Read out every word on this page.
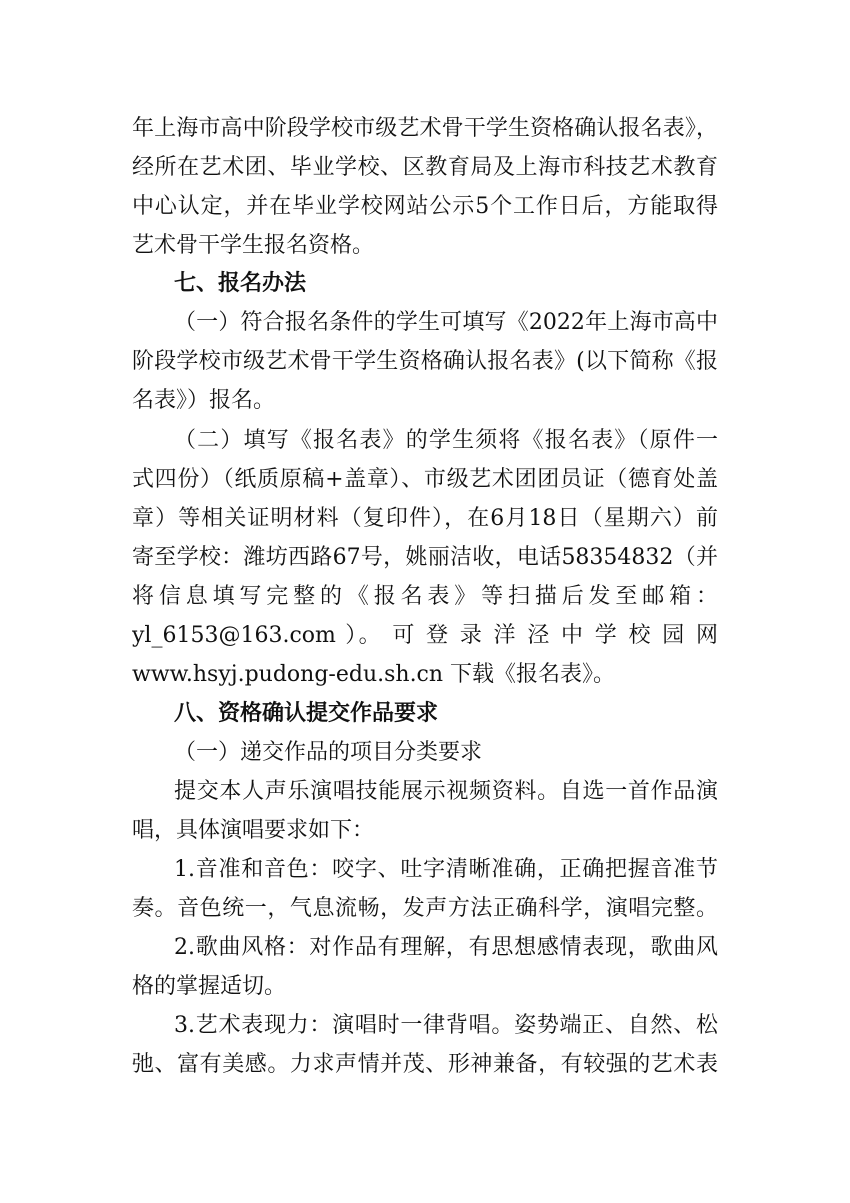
年上海市高中阶段学校市级艺术骨干学生资格确认报名表》，
经所在艺术团、毕业学校、区教育局及上海市科技艺术教育
中心认定，并在毕业学校网站公示5个工作日后，方能取得
艺术骨干学生报名资格。
七、报名办法
（一）符合报名条件的学生可填写《2022年上海市高中
阶段学校市级艺术骨干学生资格确认报名表》(以下简称《报
名表》）报名。
（二）填写《报名表》的学生须将《报名表》（原件一
式四份）（纸质原稿+盖章）、市级艺术团团员证（德育处盖
章）等相关证明材料（复印件），在6月18日（星期六）前
寄至学校：潍坊西路67号，姚丽洁收，电话58354832（并
将信息填写完整的《报名表》等扫描后发至邮箱：
yl_6153@163.com ）。 可 登 录 洋 泾 中 学 校 园 网
www.hsyj.pudong-edu.sh.cn 下载《报名表》。
八、资格确认提交作品要求
（一）递交作品的项目分类要求
提交本人声乐演唱技能展示视频资料。自选一首作品演
唱，具体演唱要求如下：
1.音准和音色：咬字、吐字清晰准确，正确把握音准节
奏。音色统一，气息流畅，发声方法正确科学，演唱完整。
2.歌曲风格：对作品有理解，有思想感情表现，歌曲风
格的掌握适切。
3.艺术表现力：演唱时一律背唱。姿势端正、自然、松
弛、富有美感。力求声情并茂、形神兼备，有较强的艺术表
